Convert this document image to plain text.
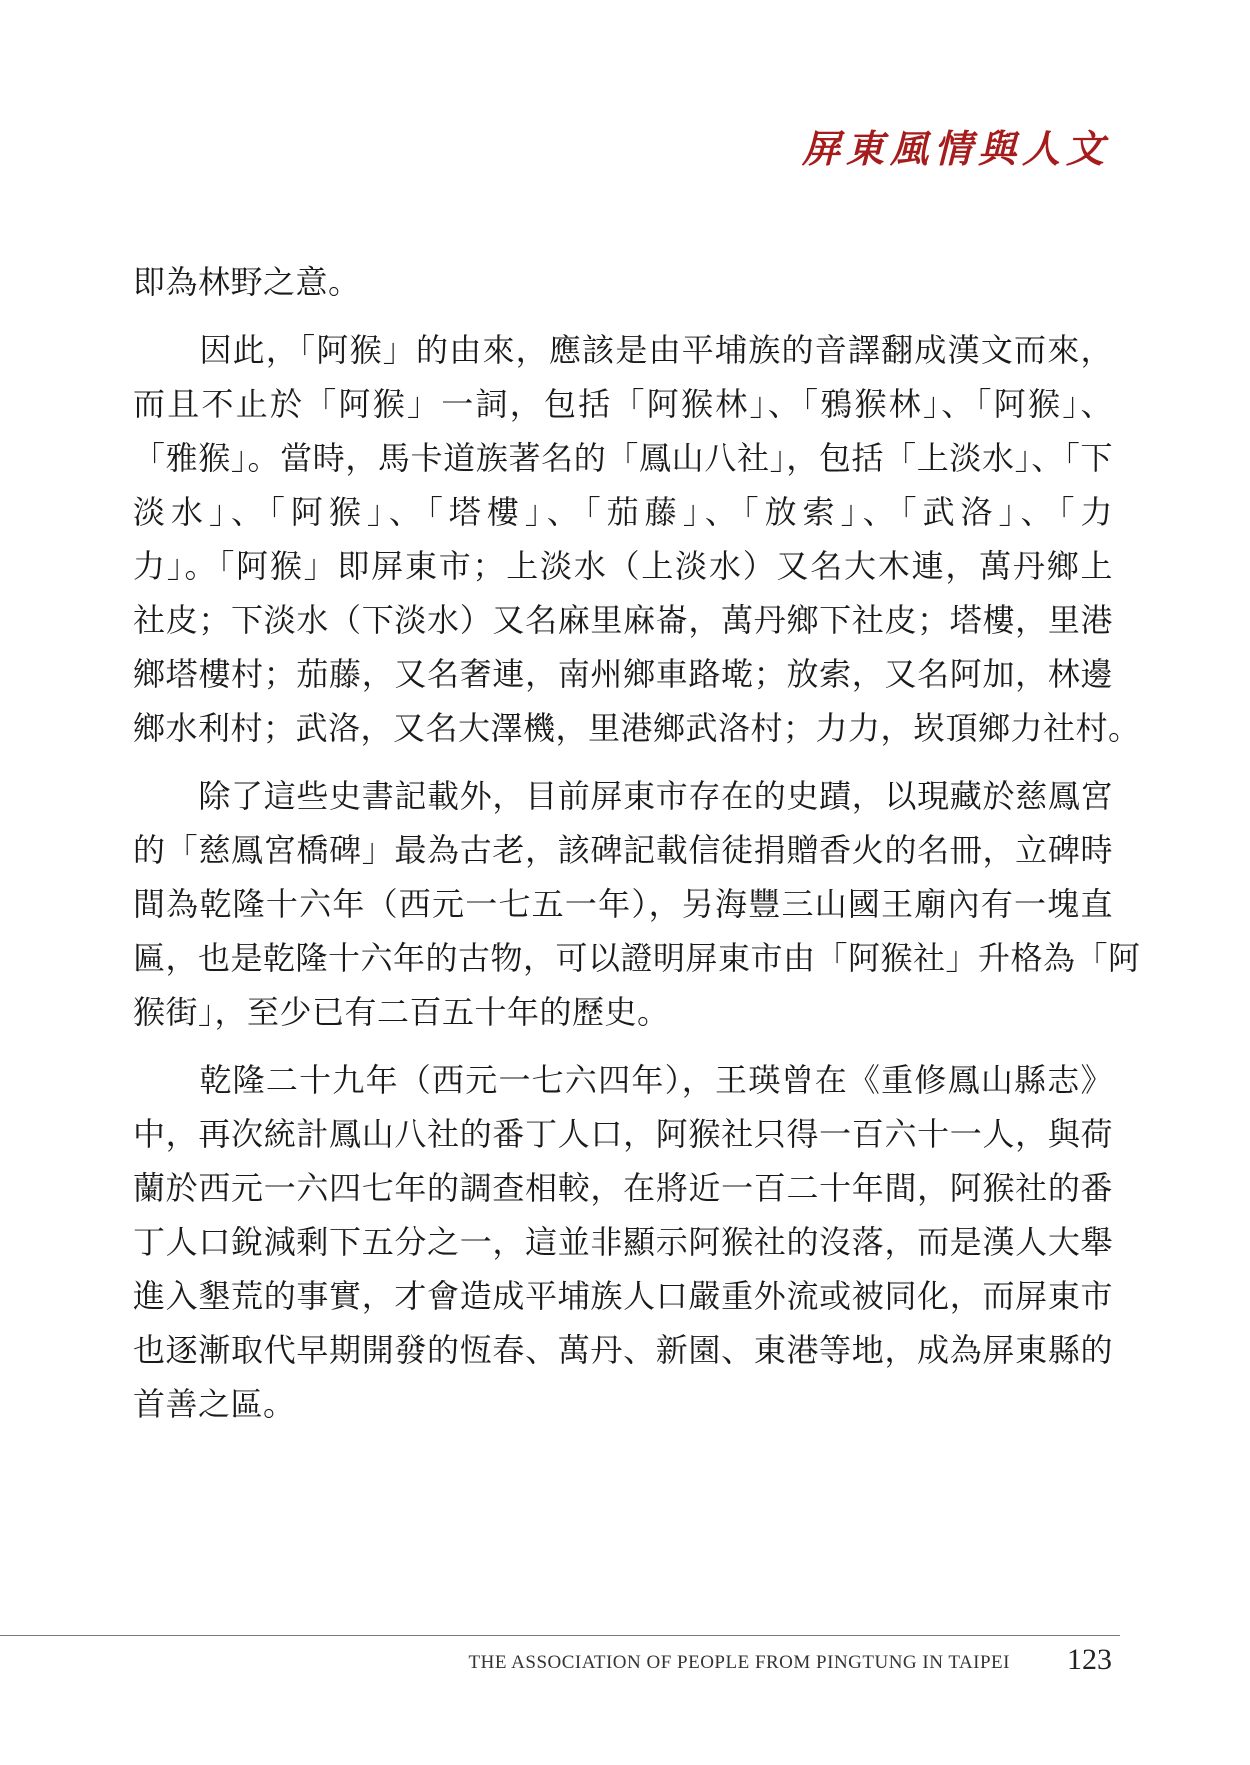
屏東風情與人文
即為林野之意。
　　因此，「阿猴」的由來，應該是由平埔族的音譯翻成漢文而來，
而且不止於「阿猴」一詞，包括「阿猴林」、「鴉猴林」、「阿猴」、
「雅猴」。當時，馬卡道族著名的「鳳山八社」，包括「上淡水」、「下
淡水」、「阿猴」、「塔樓」、「茄藤」、「放索」、「武洛」、「力
力」。「阿猴」即屏東市；上淡水（上淡水）又名大木連，萬丹鄉上
社皮；下淡水（下淡水）又名麻里麻崙，萬丹鄉下社皮；塔樓，里港
鄉塔樓村；茄藤，又名奢連，南州鄉車路墘；放索，又名阿加，林邊
鄉水利村；武洛，又名大澤機，里港鄉武洛村；力力，崁頂鄉力社村。
　　除了這些史書記載外，目前屏東市存在的史蹟，以現藏於慈鳳宮
的「慈鳳宮橋碑」最為古老，該碑記載信徒捐贈香火的名冊，立碑時
間為乾隆十六年（西元一七五一年），另海豐三山國王廟內有一塊直
匾，也是乾隆十六年的古物，可以證明屏東市由「阿猴社」升格為「阿
猴街」，至少已有二百五十年的歷史。
　　乾隆二十九年（西元一七六四年），王瑛曾在《重修鳳山縣志》
中，再次統計鳳山八社的番丁人口，阿猴社只得一百六十一人，與荷
蘭於西元一六四七年的調查相較，在將近一百二十年間，阿猴社的番
丁人口銳減剩下五分之一，這並非顯示阿猴社的沒落，而是漢人大舉
進入墾荒的事實，才會造成平埔族人口嚴重外流或被同化，而屏東市
也逐漸取代早期開發的恆春、萬丹、新園、東港等地，成為屏東縣的
首善之區。
THE ASSOCIATION OF PEOPLE FROM PINGTUNG IN TAIPEI 123
